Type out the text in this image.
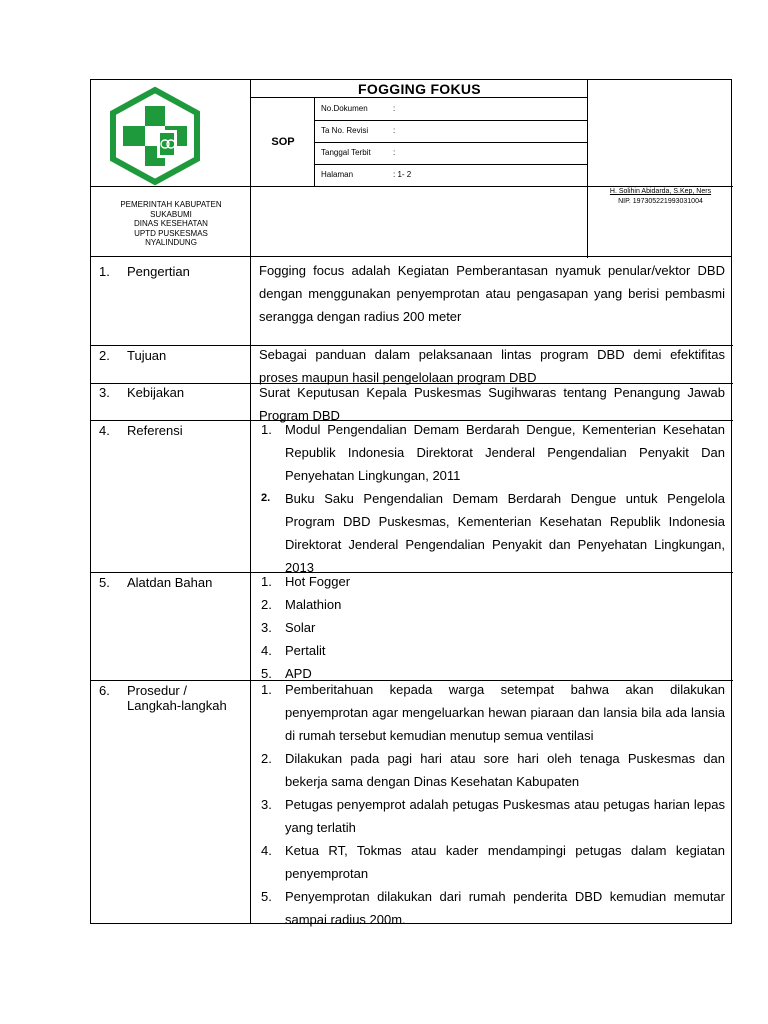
FOGGING FOKUS
SOP
No.Dokumen	:
Ta No. Revisi	:
Tanggal Terbit	:
Halaman	: 1- 2
PEMERINTAH KABUPATEN
SUKABUMI
DINAS KESEHATAN
UPTD PUSKESMAS
NYALINDUNG
H. Solihin Abidarda, S.Kep, Ners
NIP. 197305221993031004
1. Pengertian	Fogging focus adalah Kegiatan Pemberantasan nyamuk penular/vektor DBD dengan menggunakan penyemprotan atau pengasapan yang berisi pembasmi serangga dengan radius 200 meter
2. Tujuan	Sebagai panduan dalam pelaksanaan lintas program DBD demi efektifitas proses maupun hasil pengelolaan program DBD
3. Kebijakan	Surat Keputusan Kepala Puskesmas Sugihwaras tentang Penangung Jawab Program DBD
4. Referensi	1. Modul Pengendalian Demam Berdarah Dengue, Kementerian Kesehatan Republik Indonesia Direktorat Jenderal Pengendalian Penyakit Dan Penyehatan Lingkungan, 2011
2. Buku Saku Pengendalian Demam Berdarah Dengue untuk Pengelola Program DBD Puskesmas, Kementerian Kesehatan Republik Indonesia Direktorat Jenderal Pengendalian Penyakit dan Penyehatan Lingkungan, 2013
5. Alatdan Bahan	1. Hot Fogger
2. Malathion
3. Solar
4. Pertalit
5. APD
6. Prosedur /
Langkah-langkah
1. Pemberitahuan kepada warga setempat bahwa akan dilakukan penyemprotan agar mengeluarkan hewan piaraan dan lansia bila ada lansia di rumah tersebut kemudian menutup semua ventilasi
2. Dilakukan pada pagi hari atau sore hari oleh tenaga Puskesmas dan bekerja sama dengan Dinas Kesehatan Kabupaten
3. Petugas penyemprot adalah petugas Puskesmas atau petugas harian lepas yang terlatih
4. Ketua RT, Tokmas atau kader mendampingi petugas dalam kegiatan penyemprotan
5. Penyemprotan dilakukan dari rumah penderita DBD kemudian memutar sampai radius 200m.
